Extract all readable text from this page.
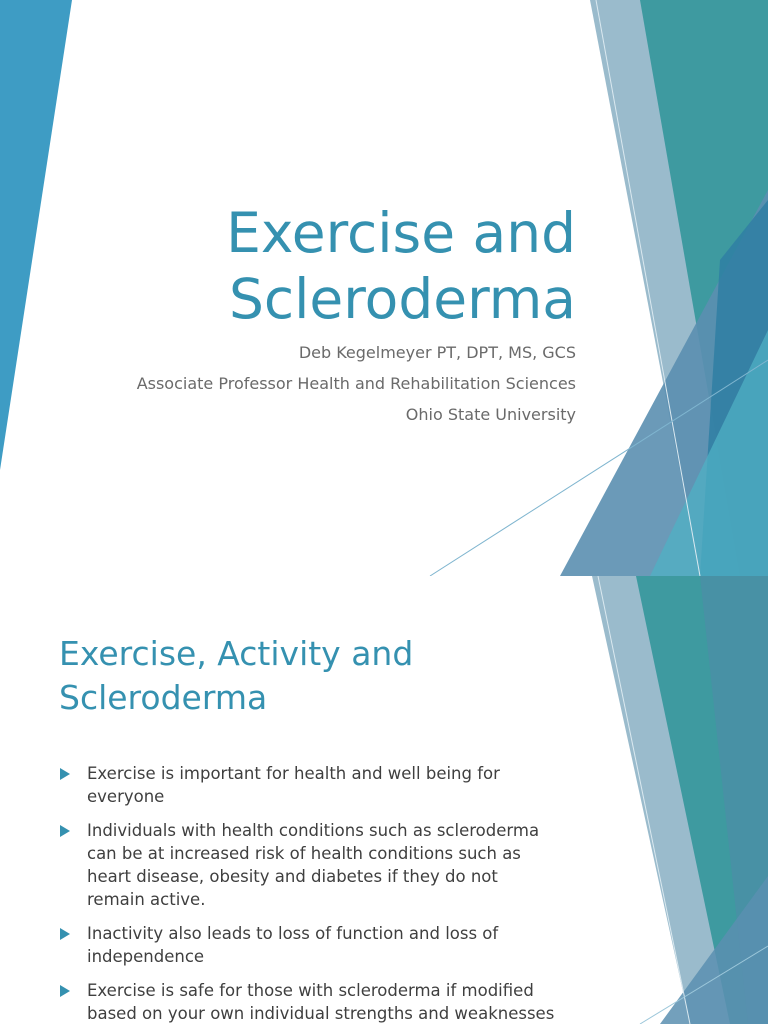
Exercise and
Scleroderma
Deb Kegelmeyer PT, DPT, MS, GCS
Associate Professor Health and Rehabilitation Sciences
Ohio State University
Exercise, Activity and
Scleroderma
Exercise is important for health and well being for everyone
Individuals with health conditions such as scleroderma can be at increased risk of health conditions such as heart disease, obesity and diabetes if they do not remain active.
Inactivity also leads to loss of function and loss of independence
Exercise is safe for those with scleroderma if modified based on your own individual strengths and weaknesses
